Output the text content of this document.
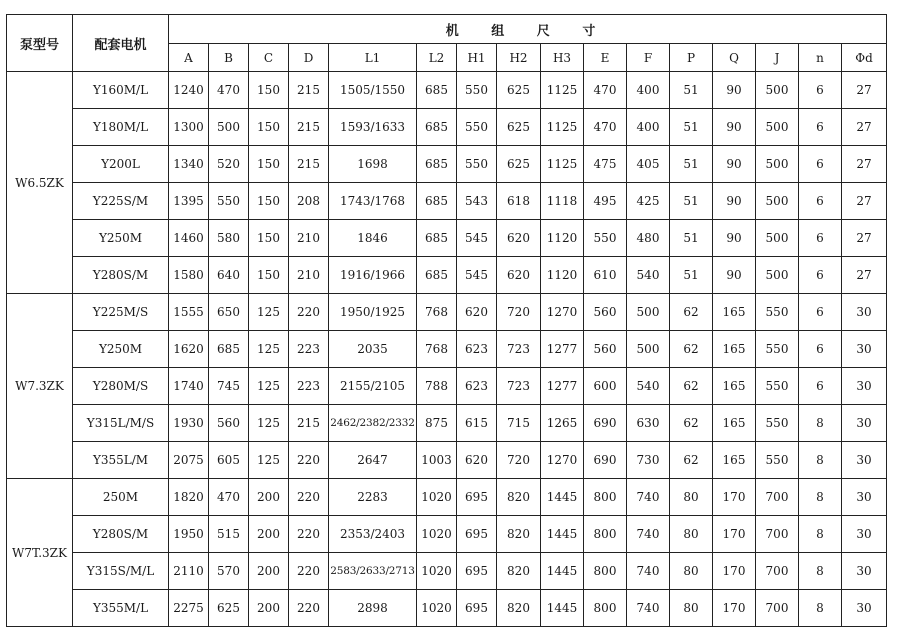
泵型号	配套电机	机 组 尺 寸															
		A	B	C	D	L1	L2	H1	H2	H3	E	F	P	Q	J	n	Φd
W6.5ZK	Y160M/L	1240	470	150	215	1505/1550	685	550	625	1125	470	400	51	90	500	6	27
	Y180M/L	1300	500	150	215	1593/1633	685	550	625	1125	470	400	51	90	500	6	27
	Y200L	1340	520	150	215	1698	685	550	625	1125	475	405	51	90	500	6	27
	Y225S/M	1395	550	150	208	1743/1768	685	543	618	1118	495	425	51	90	500	6	27
	Y250M	1460	580	150	210	1846	685	545	620	1120	550	480	51	90	500	6	27
	Y280S/M	1580	640	150	210	1916/1966	685	545	620	1120	610	540	51	90	500	6	27
W7.3ZK	Y225M/S	1555	650	125	220	1950/1925	768	620	720	1270	560	500	62	165	550	6	30
	Y250M	1620	685	125	223	2035	768	623	723	1277	560	500	62	165	550	6	30
	Y280M/S	1740	745	125	223	2155/2105	788	623	723	1277	600	540	62	165	550	6	30
	Y315L/M/S	1930	560	125	215	2462/2382/2332	875	615	715	1265	690	630	62	165	550	8	30
	Y355L/M	2075	605	125	220	2647	1003	620	720	1270	690	730	62	165	550	8	30
W7T.3ZK	250M	1820	470	200	220	2283	1020	695	820	1445	800	740	80	170	700	8	30
	Y280S/M	1950	515	200	220	2353/2403	1020	695	820	1445	800	740	80	170	700	8	30
	Y315S/M/L	2110	570	200	220	2583/2633/2713	1020	695	820	1445	800	740	80	170	700	8	30
	Y355M/L	2275	625	200	220	2898	1020	695	820	1445	800	740	80	170	700	8	30
